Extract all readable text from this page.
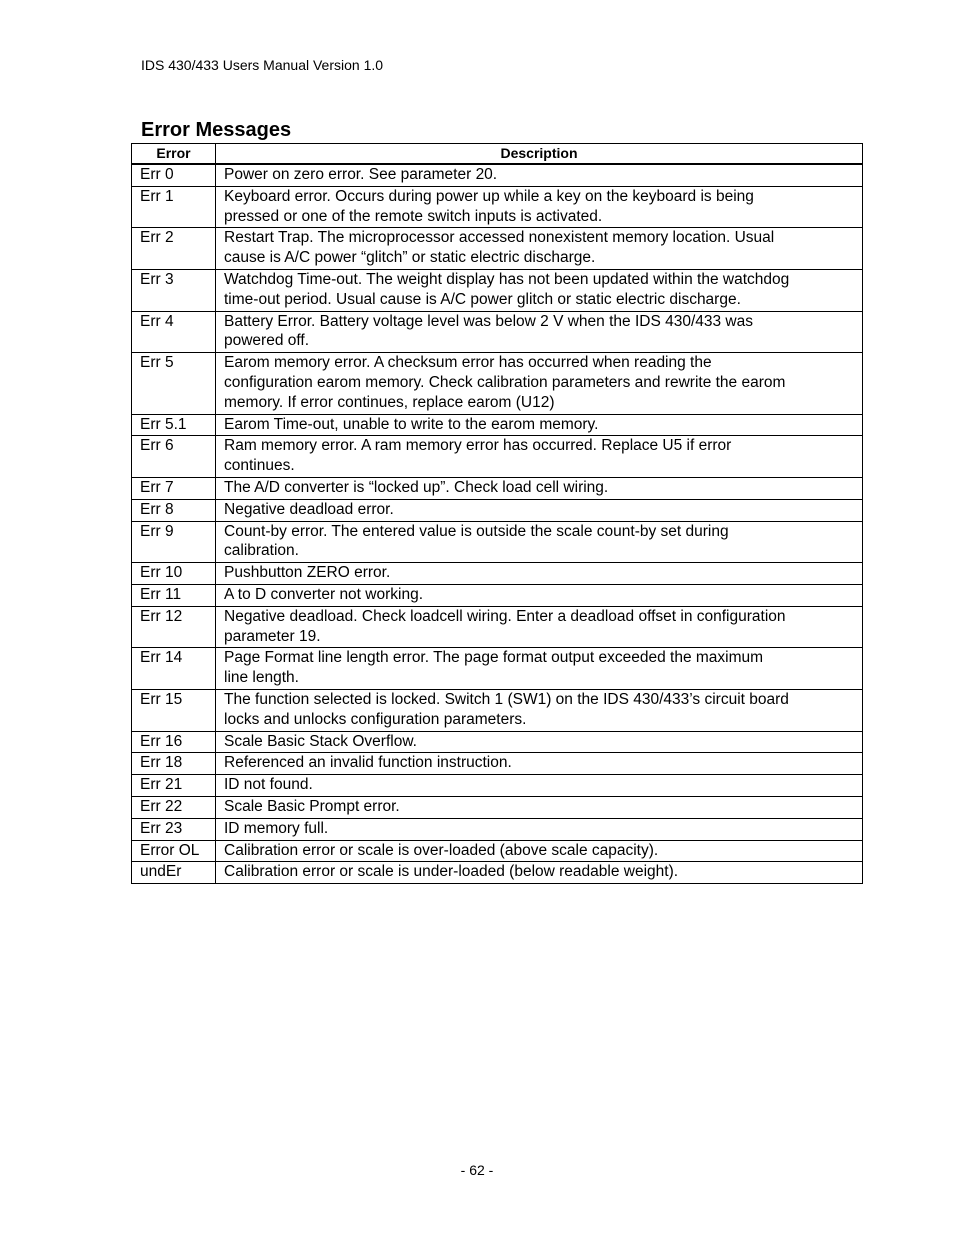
IDS 430/433 Users Manual Version 1.0
Error Messages
Error	Description
Err 0	Power on zero error. See parameter 20.
Err 1	Keyboard error. Occurs during power up while a key on the keyboard is being
pressed or one of the remote switch inputs is activated.
Err 2	Restart Trap. The microprocessor accessed nonexistent memory location. Usual
cause is A/C power “glitch” or static electric discharge.
Err 3	Watchdog Time-out. The weight display has not been updated within the watchdog
time-out period. Usual cause is A/C power glitch or static electric discharge.
Err 4	Battery Error. Battery voltage level was below 2 V when the IDS 430/433 was
powered off.
Err 5	Earom memory error. A checksum error has occurred when reading the
configuration earom memory. Check calibration parameters and rewrite the earom
memory. If error continues, replace earom (U12)
Err 5.1	Earom Time-out, unable to write to the earom memory.
Err 6	Ram memory error. A ram memory error has occurred. Replace U5 if error
continues.
Err 7	The A/D converter is “locked up”. Check load cell wiring.
Err 8	Negative deadload error.
Err 9	Count-by error. The entered value is outside the scale count-by set during
calibration.
Err 10	Pushbutton ZERO error.
Err 11	A to D converter not working.
Err 12	Negative deadload. Check loadcell wiring. Enter a deadload offset in configuration
parameter 19.
Err 14	Page Format line length error. The page format output exceeded the maximum
line length.
Err 15	The function selected is locked. Switch 1 (SW1) on the IDS 430/433’s circuit board
locks and unlocks configuration parameters.
Err 16	Scale Basic Stack Overflow.
Err 18	Referenced an invalid function instruction.
Err 21	ID not found.
Err 22	Scale Basic Prompt error.
Err 23	ID memory full.
Error OL	Calibration error or scale is over-loaded (above scale capacity).
undEr	Calibration error or scale is under-loaded (below readable weight).
- 62 -
